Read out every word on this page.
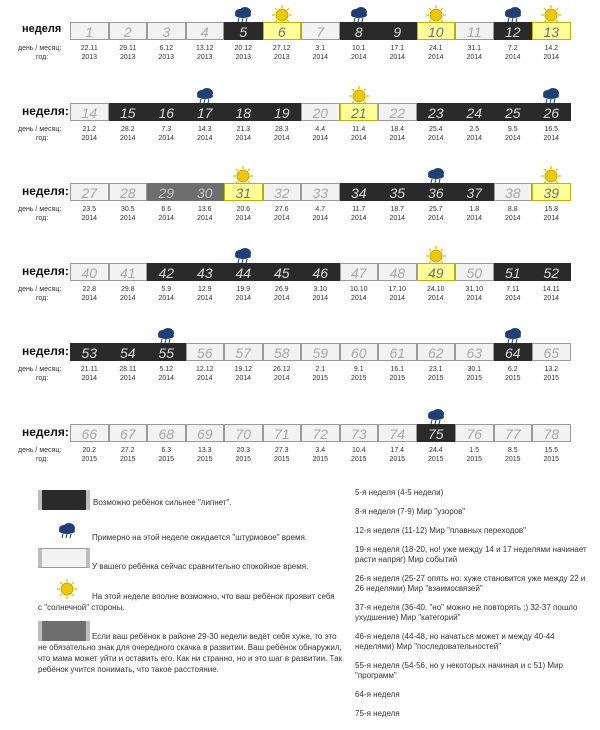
неделя
день / месяц:
год:
1	2	3	4	5	6	7	8	9	10	11	12	13
22.11
2013
29.11
2013
6.12
2013
13.12
2013
20.12
2013
27.12
2013
3.1
2014
10.1
2014
17.1
2014
24.1
2014
31.1
2014
7.2
2014
14.2
2014
неделя:
день / месяц:
год:
14	15	16	17	18	19	20	21	22	23	24	25	26
21.2
2014
28.2
2014
7.3
2014
14.3
2014
21.3
2014
28.3
2014
4.4
2014
11.4
2014
18.4
2014
25.4
2014
2.5
2014
9.5
2014
16.5
2014
неделя:
день / месяц:
год:
27	28	29	30	31	32	33	34	35	36	37	38	39
23.5
2014
30.5
2014
6.6
2014
13.6
2014
20.6
2014
27.6
2014
4.7
2014
11.7
2014
18.7
2014
25.7
2014
1.8
2014
8.8
2014
15.8
2014
неделя:
день / месяц:
год:
40	41	42	43	44	45	46	47	48	49	50	51	52
22.8
2014
29.8
2014
5.9
2014
12.9
2014
19.9
2014
26.9
2014
3.10
2014
10.10
2014
17.10
2014
24.10
2014
31.10
2014
7.11
2014
14.11
2014
неделя:
день / месяц:
год:
53	54	55	56	57	58	59	60	61	62	63	64	65
21.11
2014
28.11
2014
5.12
2014
12.12
2014
19.12
2014
26.12
2014
2.1
2015
9.1
2015
16.1
2015
23.1
2015
30.1
2015
6.2
2015
13.2
2015
неделя:
день / месяц:
год:
66	67	68	69	70	71	72	73	74	75	76	77	78
20.2
2015
27.2
2015
6.3
2015
13.3
2015
20.3
2015
27.3
2015
3.4
2015
10.4
2015
17.4
2015
24.4
2015
1.5
2015
8.5
2015
15.5
2015
Возможно ребёнок сильнее "липнет".
Примерно на этой неделе ожидается "штурмовое" время.
У вашего ребёнка сейчас сравнительно спокойное время.
На этой неделе вполне возможно, что ваш ребёнок проявит себя с "солнечной" стороны.
Если ваш ребёнок в районе 29-30 недели ведёт себя хуже, то это не обязательно знак для очередного скачка в развитии. Ваш ребёнок обнаружил, что мама может уйти и оставить его. Как ни странно, но и это шаг в развитии. Так ребёнок учится понимать, что такое расстояние.
5-я неделя (4-5 недели)
8-я неделя (7-9) Мир "узоров"
12-я неделя (11-12) Мир "плавных переходов"
19-я неделя (18-20, но! уже между 14 и 17 неделями начинает расти напряг) Мир событий
26-я неделя (25-27 опять но: хуже становится уже между 22 и 26 неделями) Мир "взаимосвязей"
37-я неделя (36-40. "но" можно не повторять :) 32-37 пошло ухудшение) Мир "категорий"
46-я неделя (44-48, но начаться может и между 40-44 неделями) Мир "последовательностей"
55-я неделя (54-56, но у некоторых начиная и с 51) Мир "программ"
64-я неделя
75-я неделя
